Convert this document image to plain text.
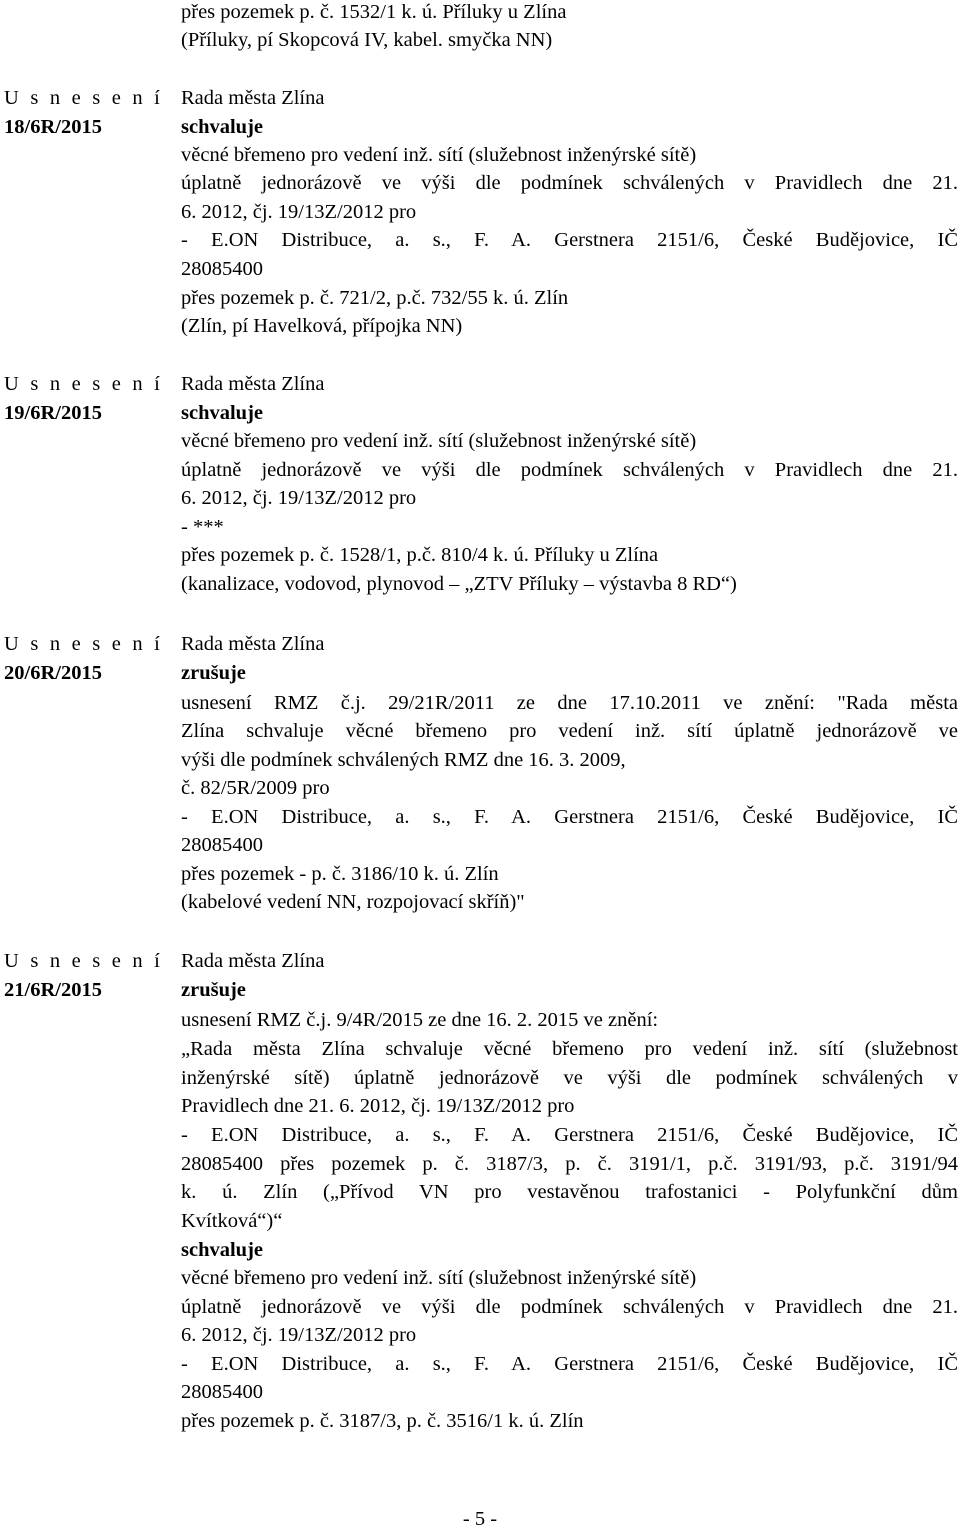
přes pozemek p. č. 1532/1 k. ú. Příluky u Zlína
(Příluky, pí Skopcová IV, kabel. smyčka NN)
U s n e s e n í
18/6R/2015
Rada města Zlína
schvaluje
věcné břemeno pro vedení inž. sítí (služebnost inženýrské sítě)
úplatně jednorázově ve výši dle podmínek schválených v Pravidlech dne 21.
6. 2012, čj. 19/13Z/2012 pro
- E.ON Distribuce, a. s., F. A. Gerstnera 2151/6, České Budějovice, IČ
28085400
přes pozemek p. č. 721/2, p.č. 732/55 k. ú. Zlín
(Zlín, pí Havelková, přípojka NN)
U s n e s e n í
19/6R/2015
Rada města Zlína
schvaluje
věcné břemeno pro vedení inž. sítí (služebnost inženýrské sítě)
úplatně jednorázově ve výši dle podmínek schválených v Pravidlech dne 21.
6. 2012, čj. 19/13Z/2012 pro
- ***
přes pozemek p. č. 1528/1, p.č. 810/4 k. ú. Příluky u Zlína
(kanalizace, vodovod, plynovod – „ZTV Příluky – výstavba 8 RD“)
U s n e s e n í
20/6R/2015
Rada města Zlína
zrušuje
usnesení RMZ č.j. 29/21R/2011 ze dne 17.10.2011 ve znění: "Rada města
Zlína schvaluje věcné břemeno pro vedení inž. sítí úplatně jednorázově ve
výši dle podmínek schválených RMZ dne 16. 3. 2009,
č. 82/5R/2009 pro
- E.ON Distribuce, a. s., F. A. Gerstnera 2151/6, České Budějovice, IČ
28085400
přes pozemek - p. č. 3186/10 k. ú. Zlín
(kabelové vedení NN, rozpojovací skříň)"
U s n e s e n í
21/6R/2015
Rada města Zlína
zrušuje
usnesení RMZ č.j. 9/4R/2015 ze dne 16. 2. 2015 ve znění:
„Rada města Zlína schvaluje věcné břemeno pro vedení inž. sítí (služebnost
inženýrské sítě) úplatně jednorázově ve výši dle podmínek schválených v
Pravidlech dne 21. 6. 2012, čj. 19/13Z/2012 pro
- E.ON Distribuce, a. s., F. A. Gerstnera 2151/6, České Budějovice, IČ
28085400 přes pozemek p. č. 3187/3, p. č. 3191/1, p.č. 3191/93, p.č. 3191/94
k. ú. Zlín („Přívod VN pro vestavěnou trafostanici - Polyfunkční dům
Kvítková“)“
schvaluje
věcné břemeno pro vedení inž. sítí (služebnost inženýrské sítě)
úplatně jednorázově ve výši dle podmínek schválených v Pravidlech dne 21.
6. 2012, čj. 19/13Z/2012 pro
- E.ON Distribuce, a. s., F. A. Gerstnera 2151/6, České Budějovice, IČ
28085400
přes pozemek p. č. 3187/3, p. č. 3516/1 k. ú. Zlín
- 5 -
